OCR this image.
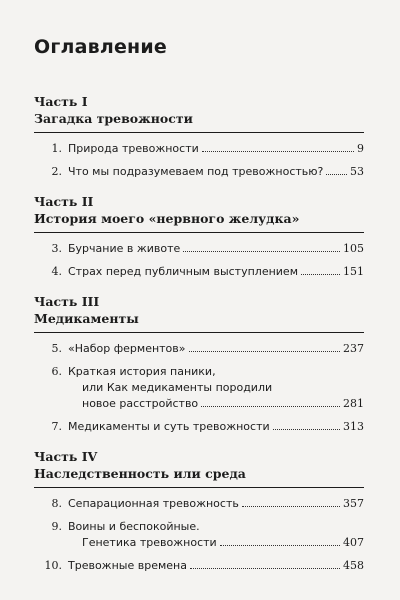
Оглавление
Часть I
Загадка тревожности
1. Природа тревожности	9
2. Что мы подразумеваем под тревожностью? 53
Часть II
История моего «нервного желудка»
3. Бурчание в животе	105
4. Страх перед публичным выступлением	151
Часть III
Медикаменты
5. «Набор ферментов»	237
6. Краткая история паники,
или Как медикаменты породили
новое расстройство	281
7. Медикаменты и суть тревожности	313
Часть IV
Наследственность или среда
8. Сепарационная тревожность	357
9. Воины и беспокойные.
Генетика тревожности	407
10. Тревожные времена	458
